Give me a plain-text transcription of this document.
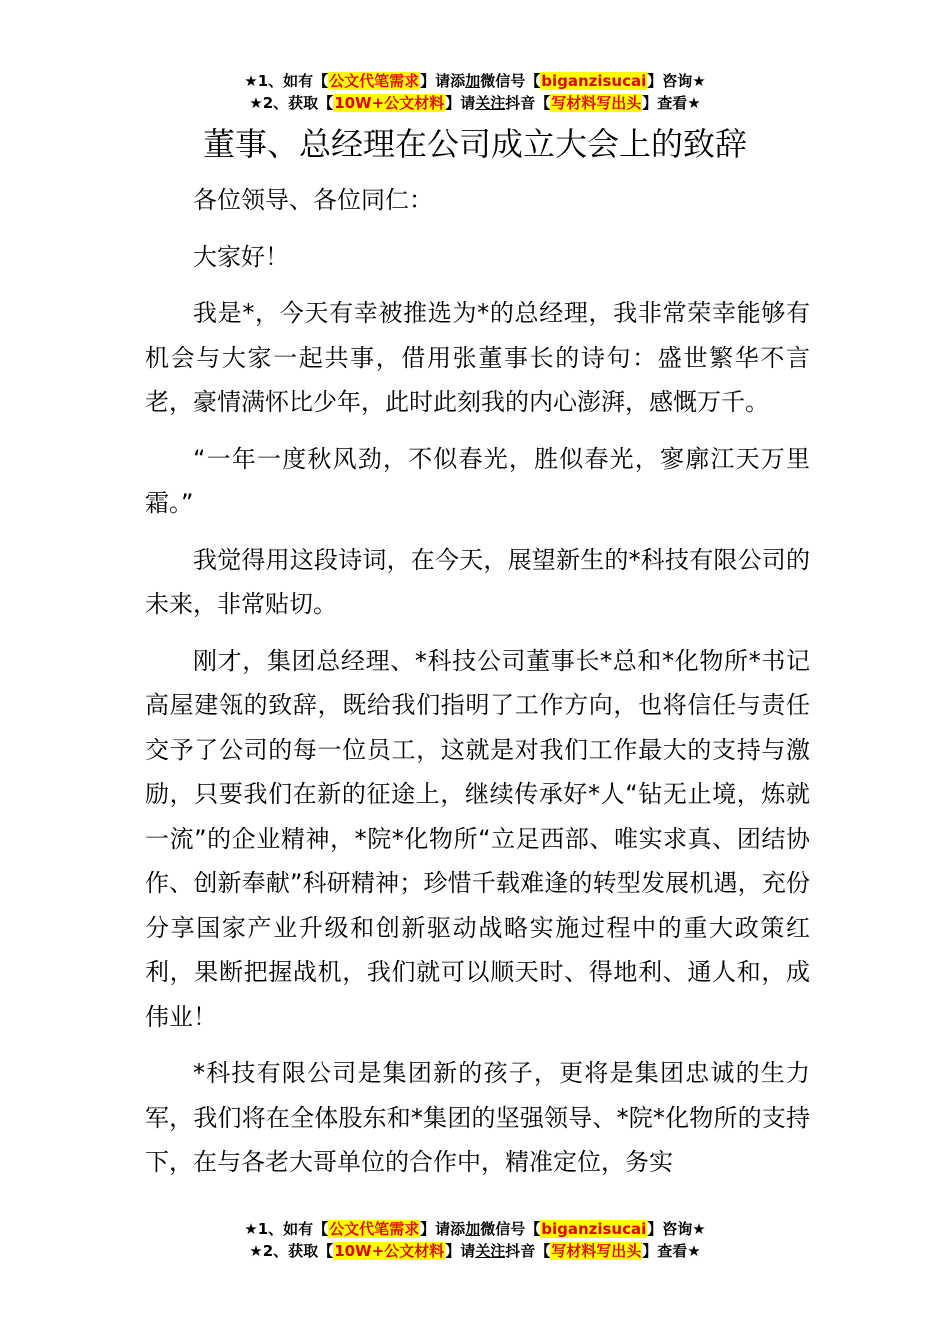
★1、如有【公文代笔需求】请添加微信号【biganzisucai】咨询★
★2、获取【10W+公文材料】请关注抖音【写材料写出头】查看★
董事、总经理在公司成立大会上的致辞

各位领导、各位同仁：

大家好！

我是*，今天有幸被推选为*的总经理，我非常荣幸能够有机会与大家一起共事，借用张董事长的诗句：盛世繁华不言老，豪情满怀比少年，此时此刻我的内心澎湃，感慨万千。

“一年一度秋风劲，不似春光，胜似春光，寥廓江天万里霜。”

我觉得用这段诗词，在今天，展望新生的*科技有限公司的未来，非常贴切。

刚才，集团总经理、*科技公司董事长*总和*化物所*书记高屋建瓴的致辞，既给我们指明了工作方向，也将信任与责任交予了公司的每一位员工，这就是对我们工作最大的支持与激励，只要我们在新的征途上，继续传承好*人“钻无止境，炼就一流”的企业精神，*院*化物所“立足西部、唯实求真、团结协作、创新奉献”科研精神；珍惜千载难逢的转型发展机遇，充份分享国家产业升级和创新驱动战略实施过程中的重大政策红利，果断把握战机，我们就可以顺天时、得地利、通人和，成伟业！

*科技有限公司是集团新的孩子，更将是集团忠诚的生力军，我们将在全体股东和*集团的坚强领导、*院*化物所的支持下，在与各老大哥单位的合作中，精准定位，务实

★1、如有【公文代笔需求】请添加微信号【biganzisucai】咨询★
★2、获取【10W+公文材料】请关注抖音【写材料写出头】查看★
